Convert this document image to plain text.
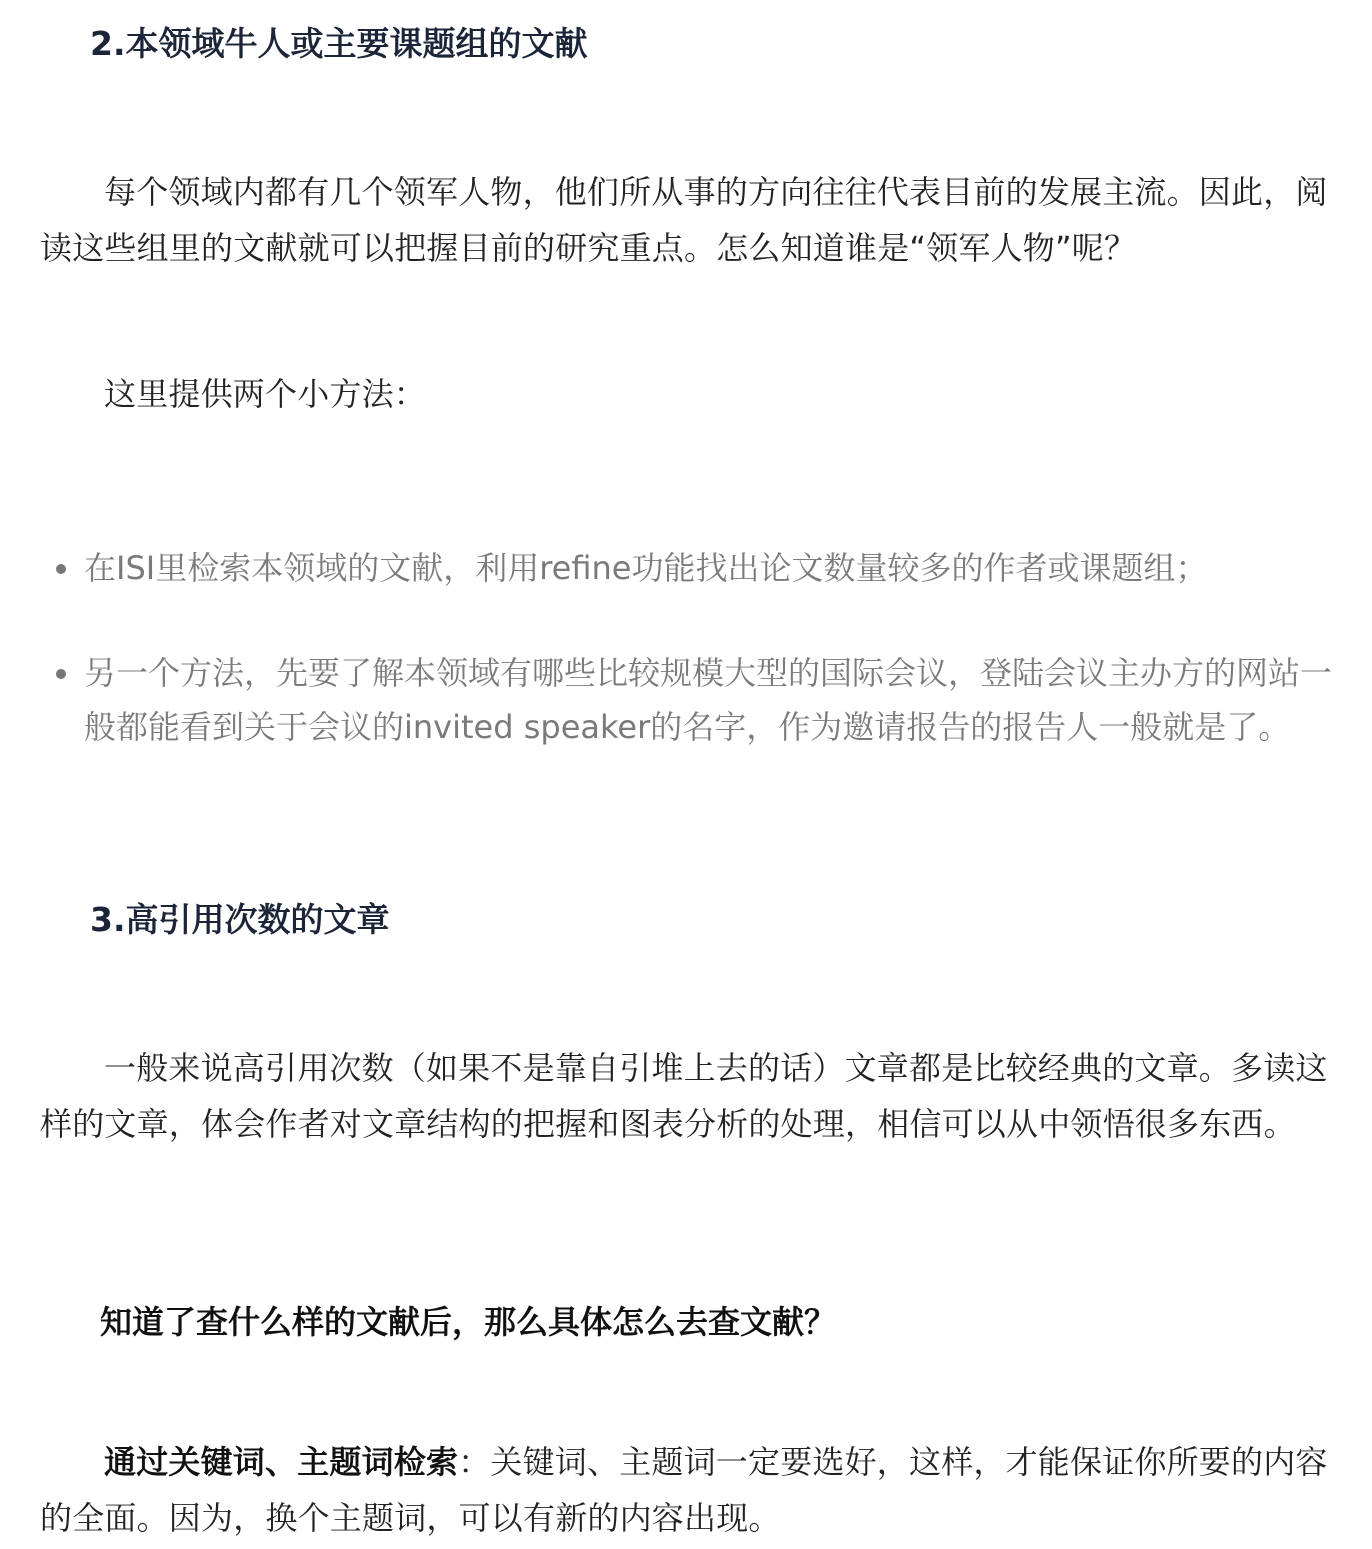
2.本领域牛人或主要课题组的文献

每个领域内都有几个领军人物，他们所从事的方向往往代表目前的发展主流。因此，阅读这些组里的文献就可以把握目前的研究重点。怎么知道谁是“领军人物”呢？

这里提供两个小方法：

在ISI里检索本领域的文献，利用refine功能找出论文数量较多的作者或课题组；
另一个方法，先要了解本领域有哪些比较规模大型的国际会议，登陆会议主办方的网站一般都能看到关于会议的invited speaker的名字，作为邀请报告的报告人一般就是了。
3.高引用次数的文章

一般来说高引用次数（如果不是靠自引堆上去的话）文章都是比较经典的文章。多读这样的文章，体会作者对文章结构的把握和图表分析的处理，相信可以从中领悟很多东西。

知道了查什么样的文献后，那么具体怎么去查文献？

通过关键词、主题词检索：关键词、主题词一定要选好，这样，才能保证你所要的内容的全面。因为，换个主题词，可以有新的内容出现。
